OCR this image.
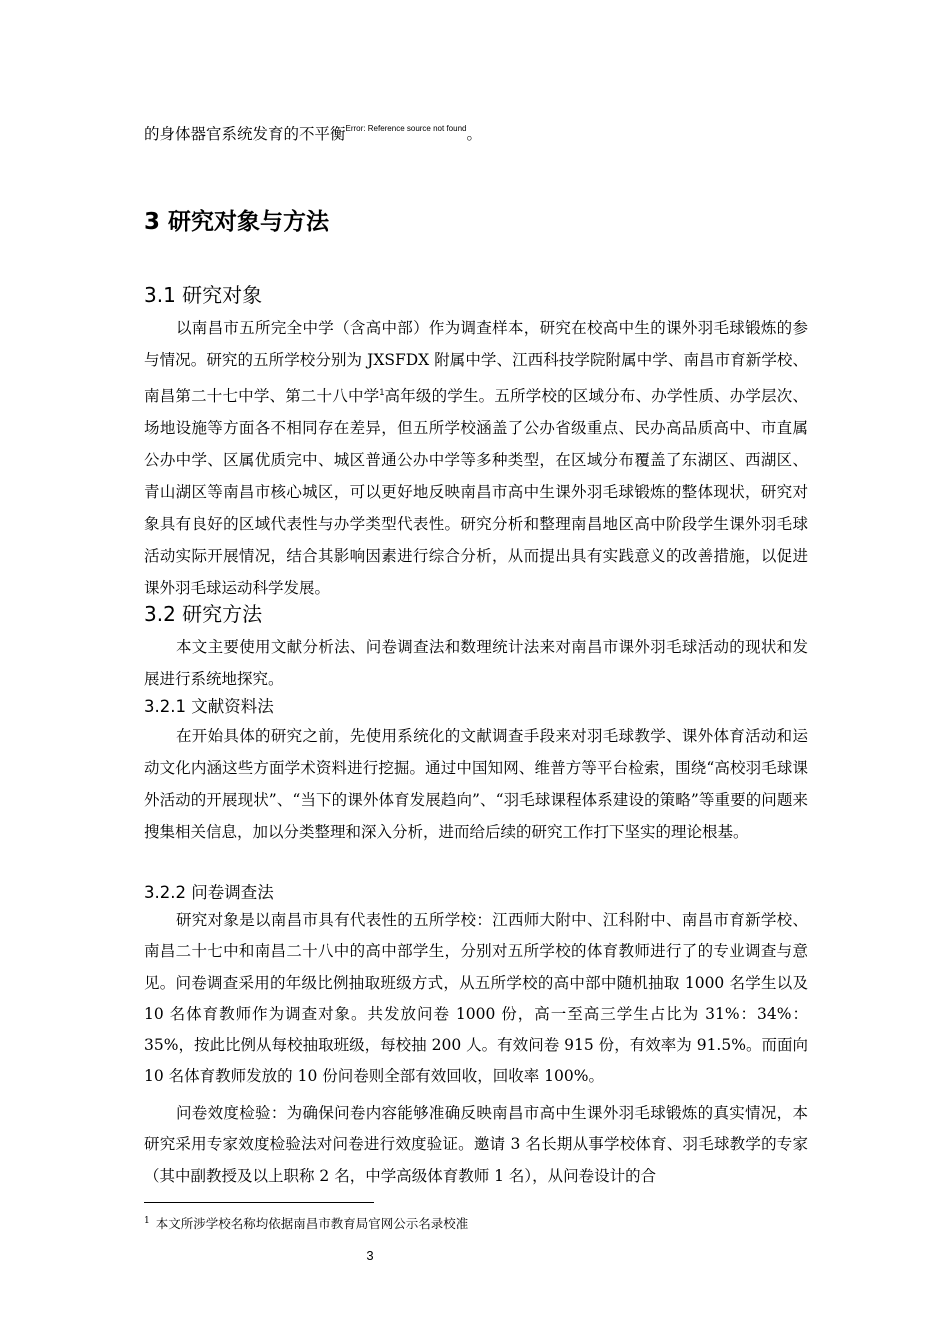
的身体器官系统发育的不平衡$^{Error: Reference source not found}$。
3 研究对象与方法
3.1 研究对象

以南昌市五所完全中学（含高中部）作为调查样本，研究在校高中生的课外羽毛球锻炼的参与情况。研究的五所学校分别为 JXSFDX 附属中学、江西科技学院附属中学、南昌市育新学校、南昌第二十七中学、第二十八中学$^1$高年级的学生。五所学校的区域分布、办学性质、办学层次、场地设施等方面各不相同存在差异，但五所学校涵盖了公办省级重点、民办高品质高中、市直属公办中学、区属优质完中、城区普通公办中学等多种类型，在区域分布覆盖了东湖区、西湖区、青山湖区等南昌市核心城区，可以更好地反映南昌市高中生课外羽毛球锻炼的整体现状，研究对象具有良好的区域代表性与办学类型代表性。研究分析和整理南昌地区高中阶段学生课外羽毛球活动实际开展情况，结合其影响因素进行综合分析，从而提出具有实践意义的改善措施，以促进课外羽毛球运动科学发展。

3.2 研究方法

本文主要使用文献分析法、问卷调查法和数理统计法来对南昌市课外羽毛球活动的现状和发展进行系统地探究。

3.2.1 文献资料法

在开始具体的研究之前，先使用系统化的文献调查手段来对羽毛球教学、课外体育活动和运动文化内涵这些方面学术资料进行挖掘。通过中国知网、维普方等平台检索，围绕“高校羽毛球课外活动的开展现状”、“当下的课外体育发展趋向”、“羽毛球课程体系建设的策略”等重要的问题来搜集相关信息，加以分类整理和深入分析，进而给后续的研究工作打下坚实的理论根基。

3.2.2 问卷调查法

研究对象是以南昌市具有代表性的五所学校：江西师大附中、江科附中、南昌市育新学校、南昌二十七中和南昌二十八中的高中部学生，分别对五所学校的体育教师进行了的专业调查与意见。问卷调查采用的年级比例抽取班级方式，从五所学校的高中部中随机抽取 1000 名学生以及 10 名体育教师作为调查对象。共发放问卷 1000 份，高一至高三学生占比为 31%：34%：35%，按此比例从每校抽取班级，每校抽 200 人。有效问卷 915 份，有效率为 91.5%。而面向 10 名体育教师发放的 10 份问卷则全部有效回收，回收率 100%。

问卷效度检验：为确保问卷内容能够准确反映南昌市高中生课外羽毛球锻炼的真实情况，本研究采用专家效度检验法对问卷进行效度验证。邀请 3 名长期从事学校体育、羽毛球教学的专家（其中副教授及以上职称 2 名，中学高级体育教师 1 名），从问卷设计的合

$^1$ 本文所涉学校名称均依据南昌市教育局官网公示名录校准
3
